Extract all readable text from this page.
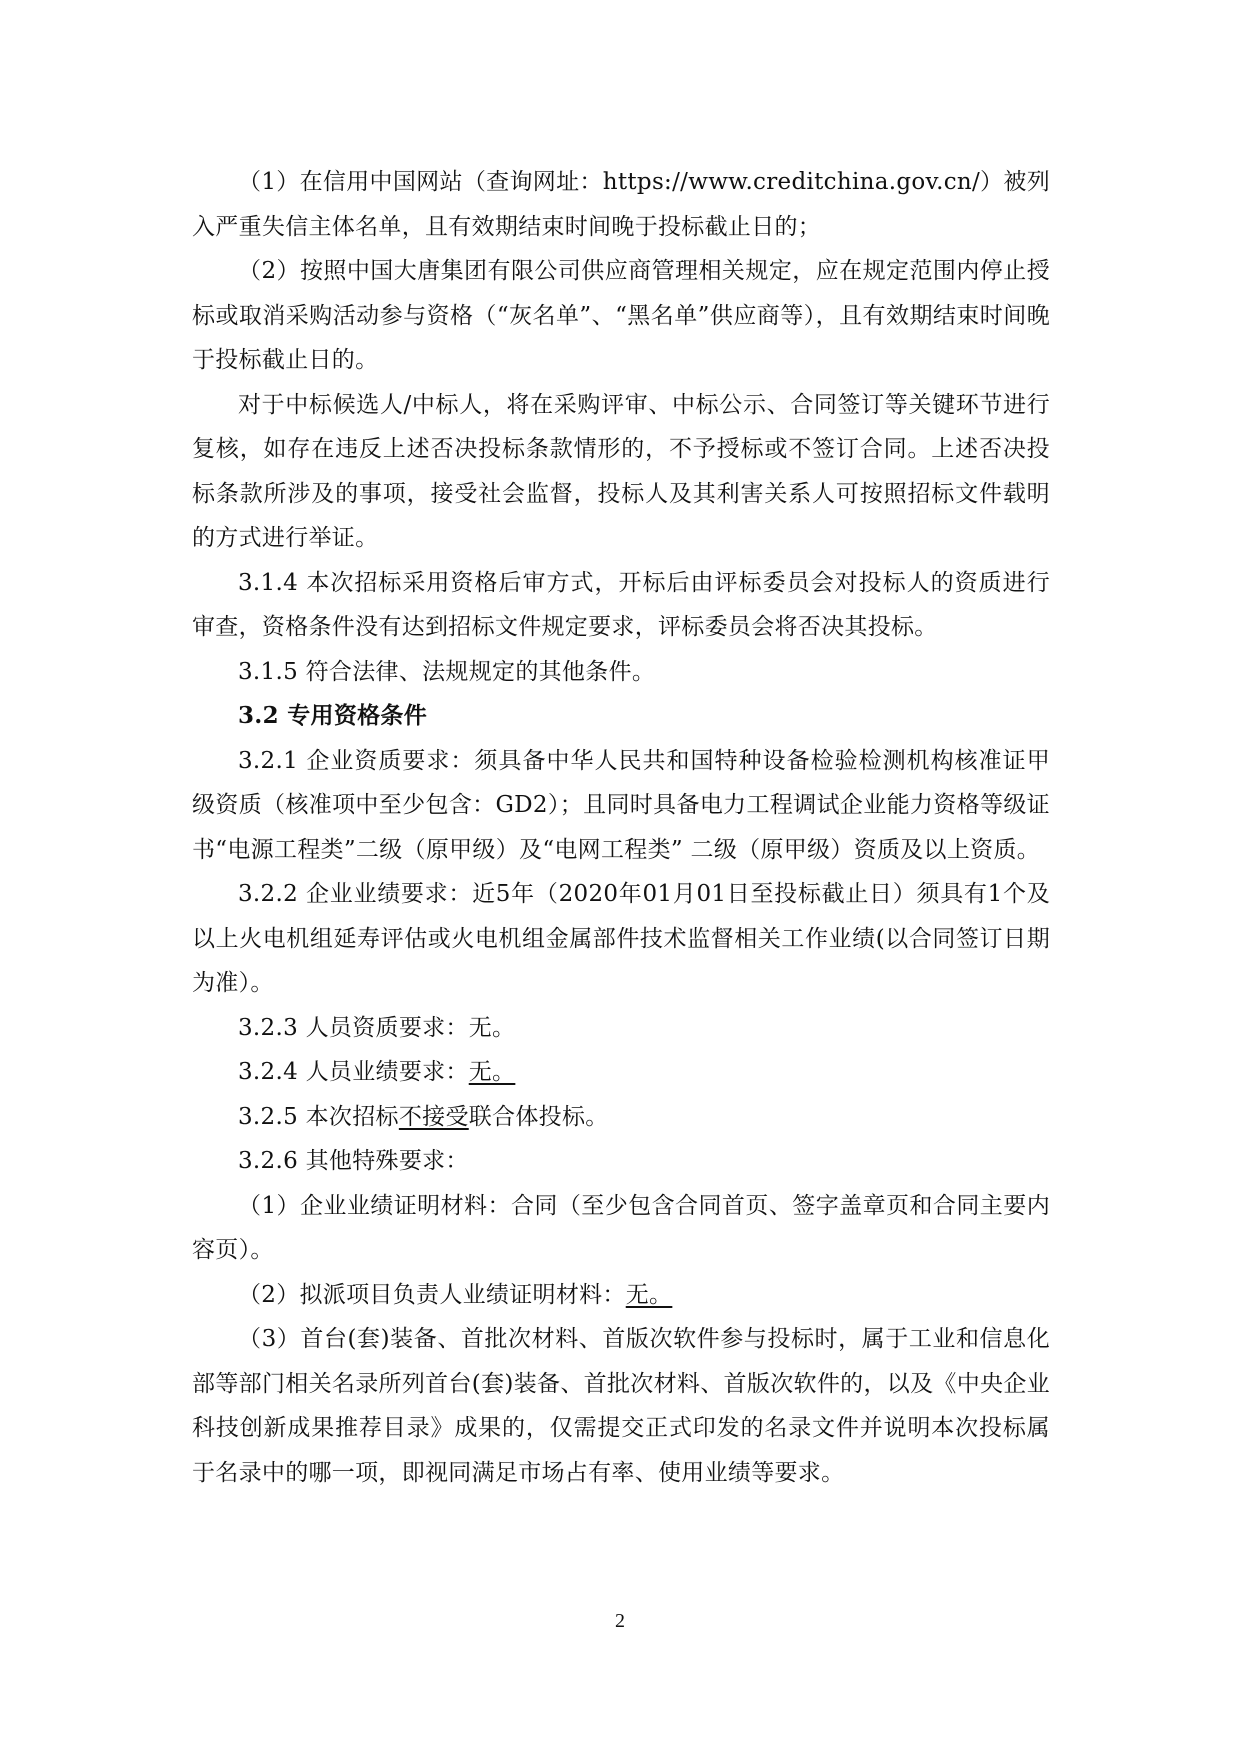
（1）在信用中国网站（查询网址：https://www.creditchina.gov.cn/）被列入严重失信主体名单，且有效期结束时间晚于投标截止日的；

（2）按照中国大唐集团有限公司供应商管理相关规定，应在规定范围内停止授标或取消采购活动参与资格（“灰名单”、“黑名单”供应商等），且有效期结束时间晚于投标截止日的。

对于中标候选人/中标人，将在采购评审、中标公示、合同签订等关键环节进行复核，如存在违反上述否决投标条款情形的，不予授标或不签订合同。上述否决投标条款所涉及的事项，接受社会监督，投标人及其利害关系人可按照招标文件载明的方式进行举证。

3.1.4 本次招标采用资格后审方式，开标后由评标委员会对投标人的资质进行审查，资格条件没有达到招标文件规定要求，评标委员会将否决其投标。

3.1.5 符合法律、法规规定的其他条件。

3.2 专用资格条件

3.2.1 企业资质要求：须具备中华人民共和国特种设备检验检测机构核准证甲级资质（核准项中至少包含：GD2）；且同时具备电力工程调试企业能力资格等级证书“电源工程类”二级（原甲级）及“电网工程类” 二级（原甲级）资质及以上资质。

3.2.2 企业业绩要求：近5年（2020年01月01日至投标截止日）须具有1个及以上火电机组延寿评估或火电机组金属部件技术监督相关工作业绩(以合同签订日期为准）。

3.2.3 人员资质要求：无。

3.2.4 人员业绩要求：无。

3.2.5 本次招标不接受联合体投标。

3.2.6 其他特殊要求：

（1）企业业绩证明材料：合同（至少包含合同首页、签字盖章页和合同主要内容页）。

（2）拟派项目负责人业绩证明材料：无。

（3）首台(套)装备、首批次材料、首版次软件参与投标时，属于工业和信息化部等部门相关名录所列首台(套)装备、首批次材料、首版次软件的，以及《中央企业科技创新成果推荐目录》成果的，仅需提交正式印发的名录文件并说明本次投标属于名录中的哪一项，即视同满足市场占有率、使用业绩等要求。

2
